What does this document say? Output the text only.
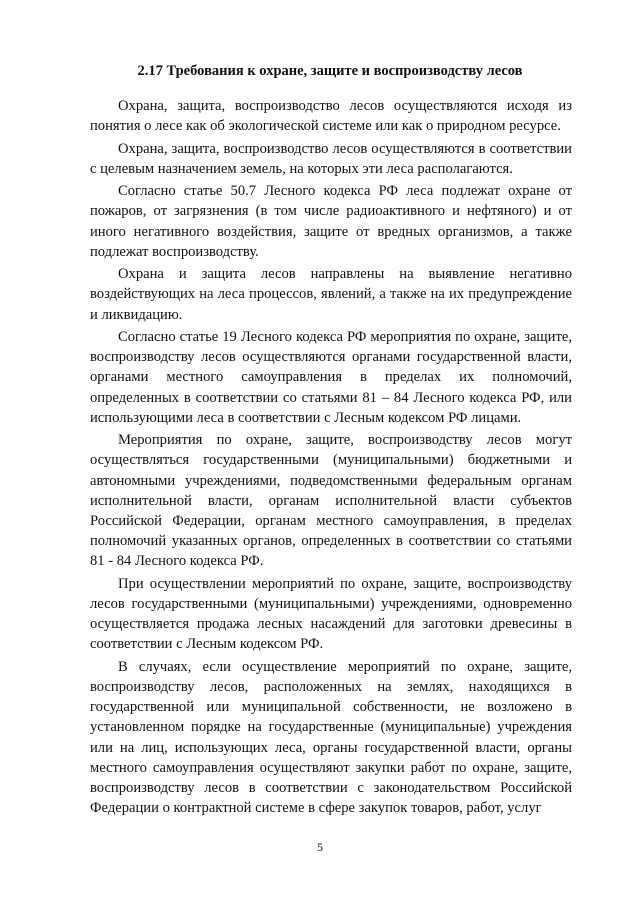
2.17 Требования к охране, защите и воспроизводству лесов

Охрана, защита, воспроизводство лесов осуществляются исходя из понятия о лесе как об экологической системе или как о природном ресурсе.

Охрана, защита, воспроизводство лесов осуществляются в соответствии с целевым назначением земель, на которых эти леса располагаются.

Согласно статье 50.7 Лесного кодекса РФ леса подлежат охране от пожаров, от загрязнения (в том числе радиоактивного и нефтяного) и от иного негативного воздействия, защите от вредных организмов, а также подлежат воспроизводству.

Охрана и защита лесов направлены на выявление негативно воздействующих на леса процессов, явлений, а также на их предупреждение и ликвидацию.

Согласно статье 19 Лесного кодекса РФ мероприятия по охране, защите, воспроизводству лесов осуществляются органами государственной власти, органами местного самоуправления в пределах их полномочий, определенных в соответствии со статьями 81 – 84 Лесного кодекса РФ, или использующими леса в соответствии с Лесным кодексом РФ лицами.

Мероприятия по охране, защите, воспроизводству лесов могут осуществляться государственными (муниципальными) бюджетными и автономными учреждениями, подведомственными федеральным органам исполнительной власти, органам исполнительной власти субъектов Российской Федерации, органам местного самоуправления, в пределах полномочий указанных органов, определенных в соответствии со статьями 81 - 84 Лесного кодекса РФ.

При осуществлении мероприятий по охране, защите, воспроизводству лесов государственными (муниципальными) учреждениями, одновременно осуществляется продажа лесных насаждений для заготовки древесины в соответствии с Лесным кодексом РФ.

В случаях, если осуществление мероприятий по охране, защите, воспроизводству лесов, расположенных на землях, находящихся в государственной или муниципальной собственности, не возложено в установленном порядке на государственные (муниципальные) учреждения или на лиц, использующих леса, органы государственной власти, органы местного самоуправления осуществляют закупки работ по охране, защите, воспроизводству лесов в соответствии с законодательством Российской Федерации о контрактной системе в сфере закупок товаров, работ, услуг

5
